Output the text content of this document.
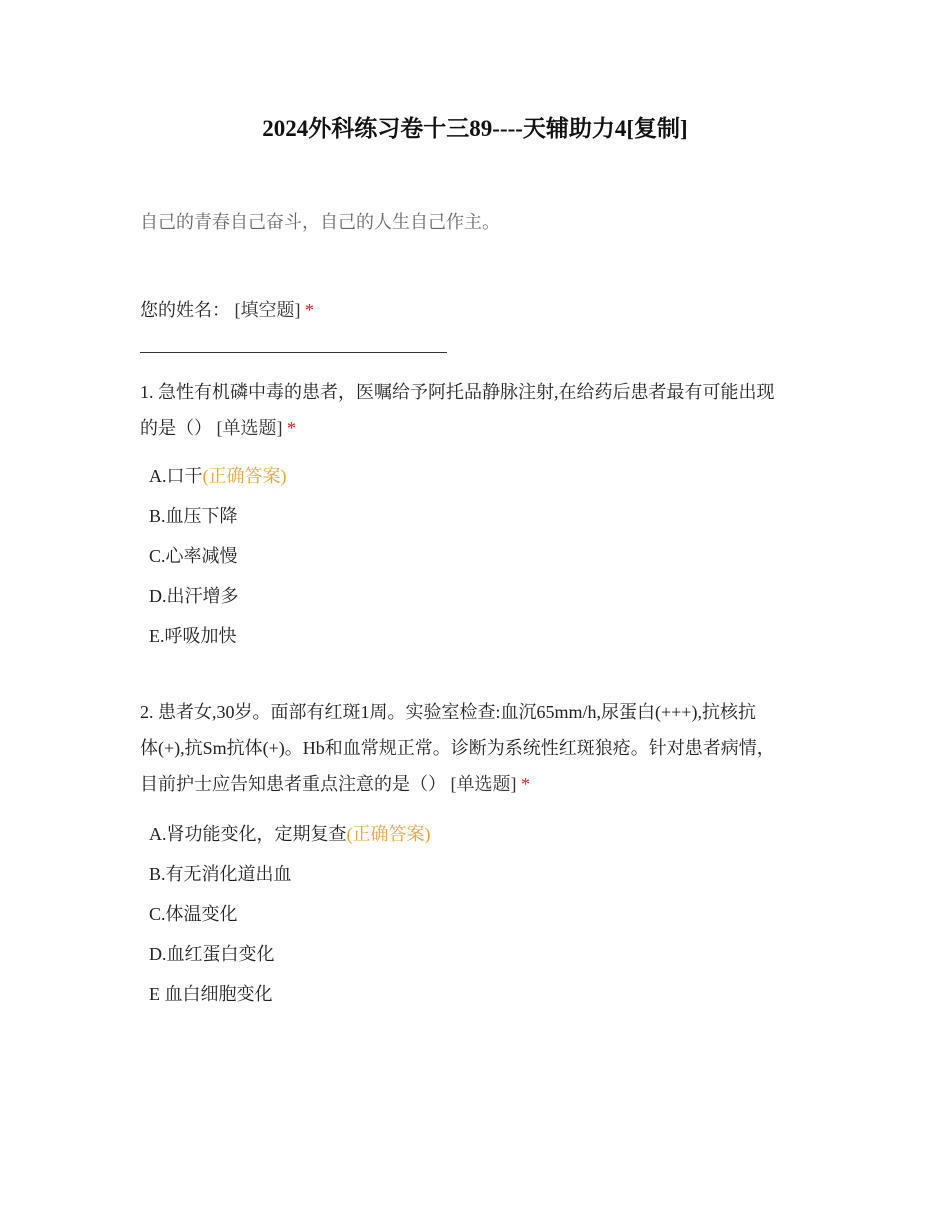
2024外科练习卷十三89----天辅助力4[复制]
自己的青春自己奋斗，自己的人生自己作主。
您的姓名： [填空题] *
1. 急性有机磷中毒的患者，医嘱给予阿托品静脉注射,在给药后患者最有可能出现
的是（） [单选题] *
A.口干(正确答案)
B.血压下降
C.心率减慢
D.出汗增多
E.呼吸加快
2. 患者女,30岁。面部有红斑1周。实验室检查:血沉65mm/h,尿蛋白(+++),抗核抗
体(+),抗Sm抗体(+)。Hb和血常规正常。诊断为系统性红斑狼疮。针对患者病情，
目前护士应告知患者重点注意的是（） [单选题] *
A.肾功能变化，定期复查(正确答案)
B.有无消化道出血
C.体温变化
D.血红蛋白变化
E 血白细胞变化
